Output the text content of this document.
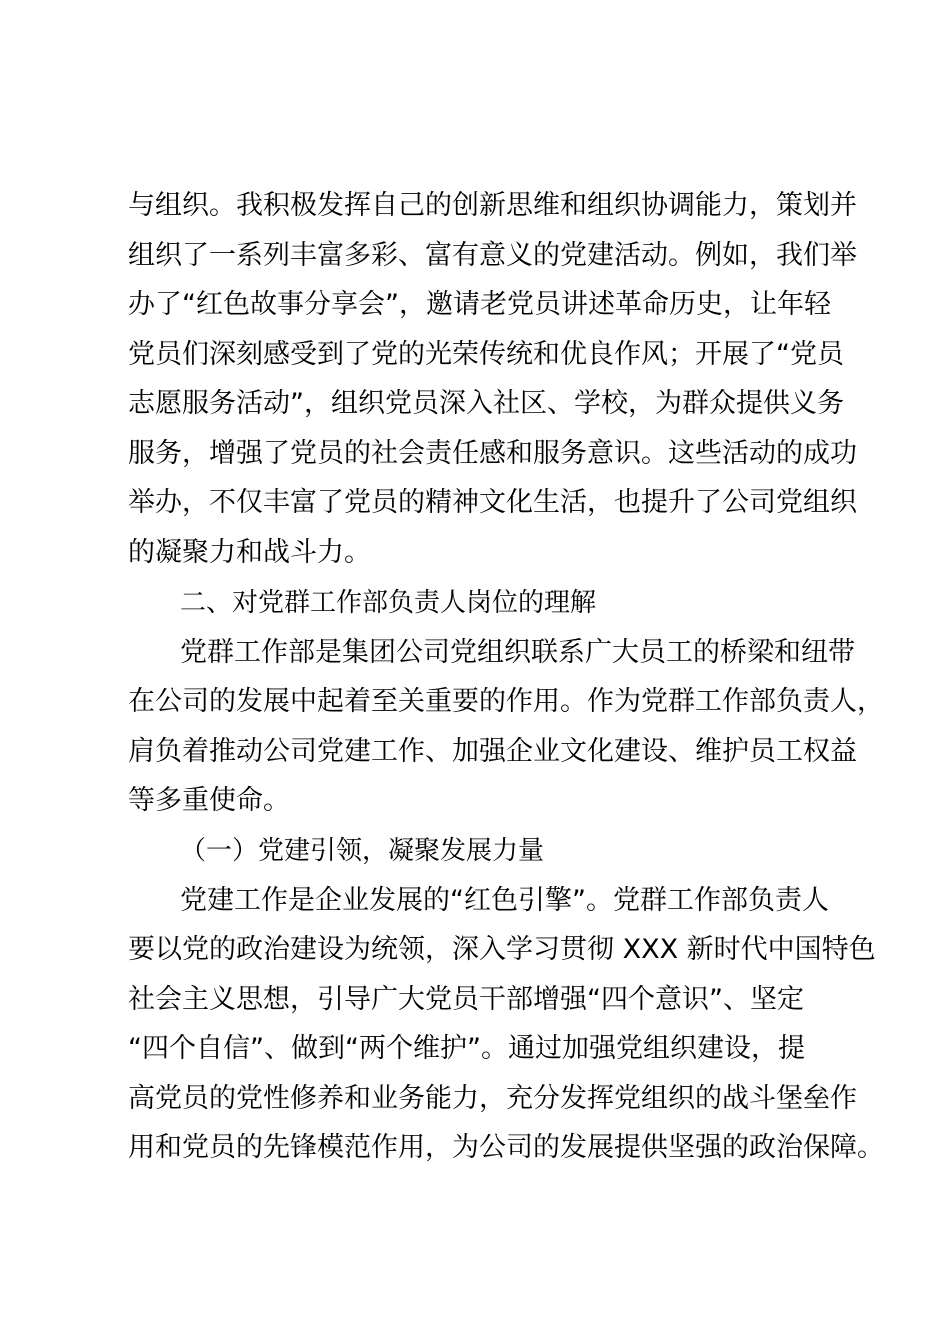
与组织。我积极发挥自己的创新思维和组织协调能力，策划并
组织了一系列丰富多彩、富有意义的党建活动。例如，我们举
办了“红色故事分享会”，邀请老党员讲述革命历史，让年轻
党员们深刻感受到了党的光荣传统和优良作风；开展了“党员
志愿服务活动”，组织党员深入社区、学校，为群众提供义务
服务，增强了党员的社会责任感和服务意识。这些活动的成功
举办，不仅丰富了党员的精神文化生活，也提升了公司党组织
的凝聚力和战斗力。
二、对党群工作部负责人岗位的理解
党群工作部是集团公司党组织联系广大员工的桥梁和纽带
在公司的发展中起着至关重要的作用。作为党群工作部负责人，
肩负着推动公司党建工作、加强企业文化建设、维护员工权益
等多重使命。
（一）党建引领，凝聚发展力量
党建工作是企业发展的“红色引擎”。党群工作部负责人
要以党的政治建设为统领，深入学习贯彻 XXX 新时代中国特色
社会主义思想，引导广大党员干部增强“四个意识”、坚定
“四个自信”、做到“两个维护”。通过加强党组织建设，提
高党员的党性修养和业务能力，充分发挥党组织的战斗堡垒作
用和党员的先锋模范作用，为公司的发展提供坚强的政治保障。
